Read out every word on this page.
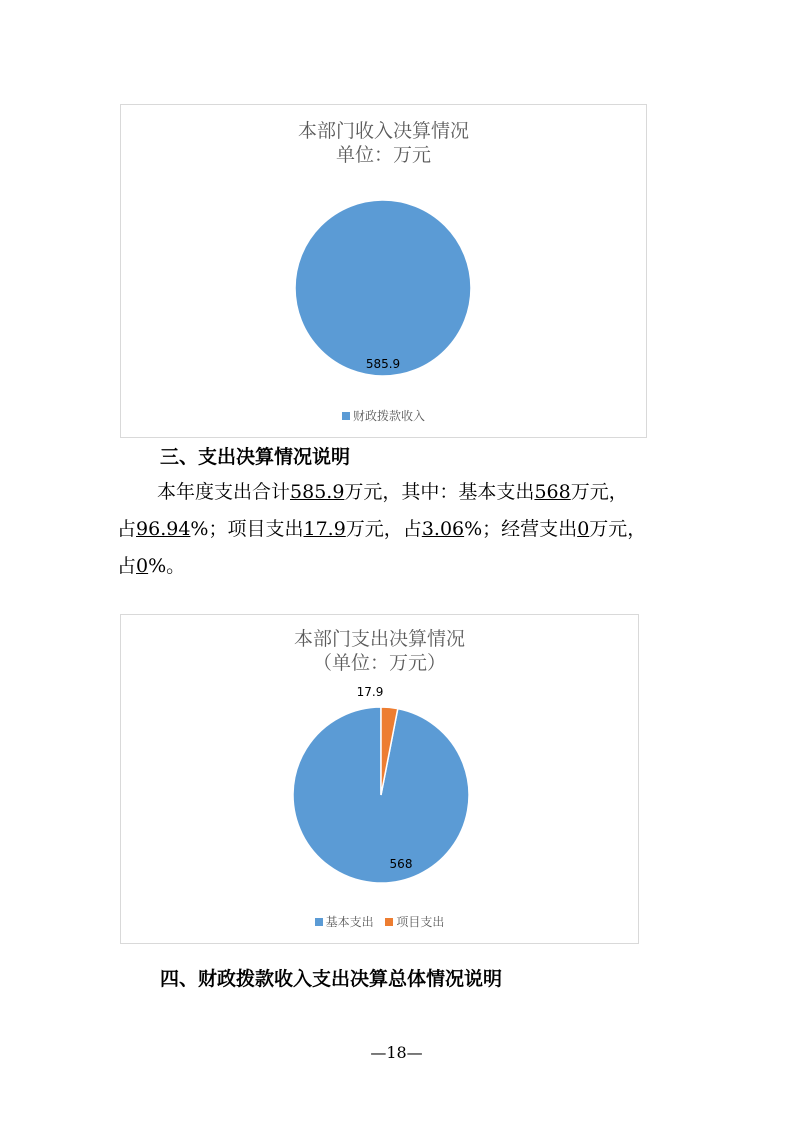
本部门收入决算情况
单位：万元
585.9
财政拨款收入
三、支出决算情况说明
本年度支出合计585.9万元，其中：基本支出568万元，
占96.94%；项目支出17.9万元，占3.06%；经营支出0万元，
占0%。
本部门支出决算情况
（单位：万元）
568
17.9
基本支出 项目支出
四、财政拨款收入支出决算总体情况说明
—18—
